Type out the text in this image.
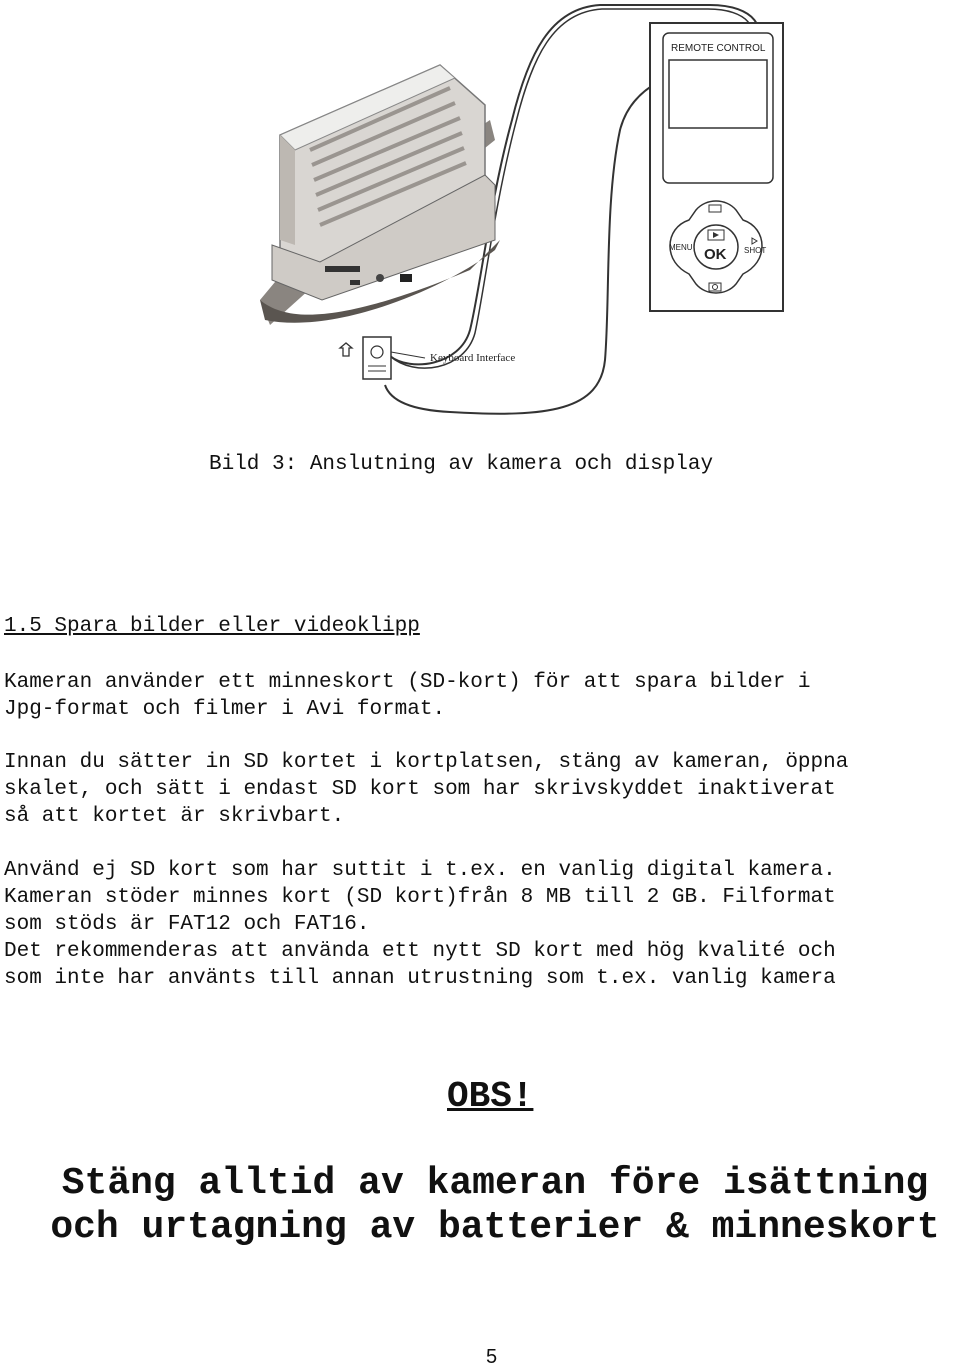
Keyboard Interface
REMOTE CONTROL
OK
MENU	SHOT
Bild 3: Anslutning av kamera och display
1.5 Spara bilder eller videoklipp
Kameran använder ett minneskort (SD-kort) för att spara bilder i
Jpg-format och filmer i Avi format.
Innan du sätter in SD kortet i kortplatsen, stäng av kameran, öppna
skalet, och sätt i endast SD kort som har skrivskyddet inaktiverat
så att kortet är skrivbart.
Använd ej SD kort som har suttit i t.ex. en vanlig digital kamera.
Kameran stöder minnes kort (SD kort)från 8 MB till 2 GB. Filformat
som stöds är FAT12 och FAT16.
Det rekommenderas att använda ett nytt SD kort med hög kvalité och
som inte har använts till annan utrustning som t.ex. vanlig kamera
OBS!
Stäng alltid av kameran före isättning
och urtagning av batterier & minneskort
5
